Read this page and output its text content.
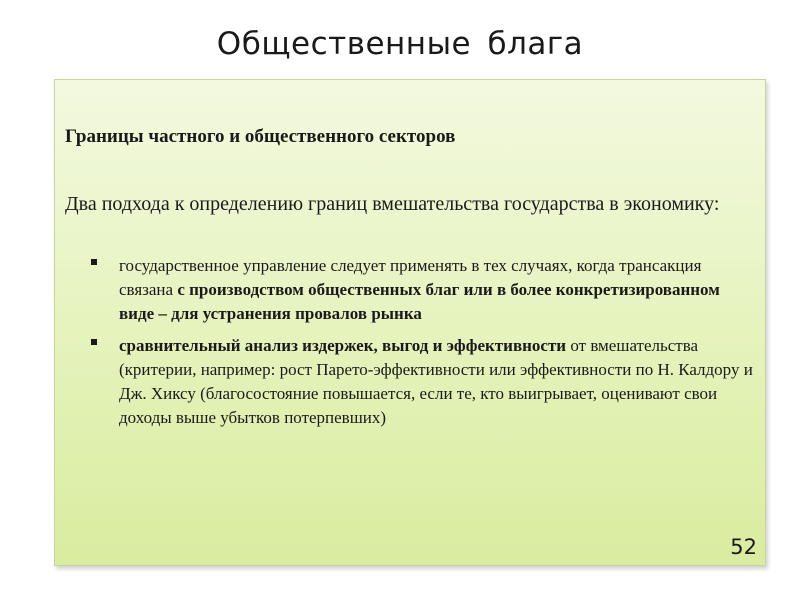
Общественные блага
Границы частного и общественного секторов
Два подхода к определению границ вмешательства государства в экономику:
государственное управление следует применять в тех случаях, когда трансакция связана с производством общественных благ или в более конкретизированном виде – для устранения провалов рынка
сравнительный анализ издержек, выгод и эффективности от вмешательства (критерии, например: рост Парето-эффективности или эффективности по Н. Калдору и Дж. Хиксу (благосостояние повышается, если те, кто выигрывает, оценивают свои доходы выше убытков потерпевших)
52
